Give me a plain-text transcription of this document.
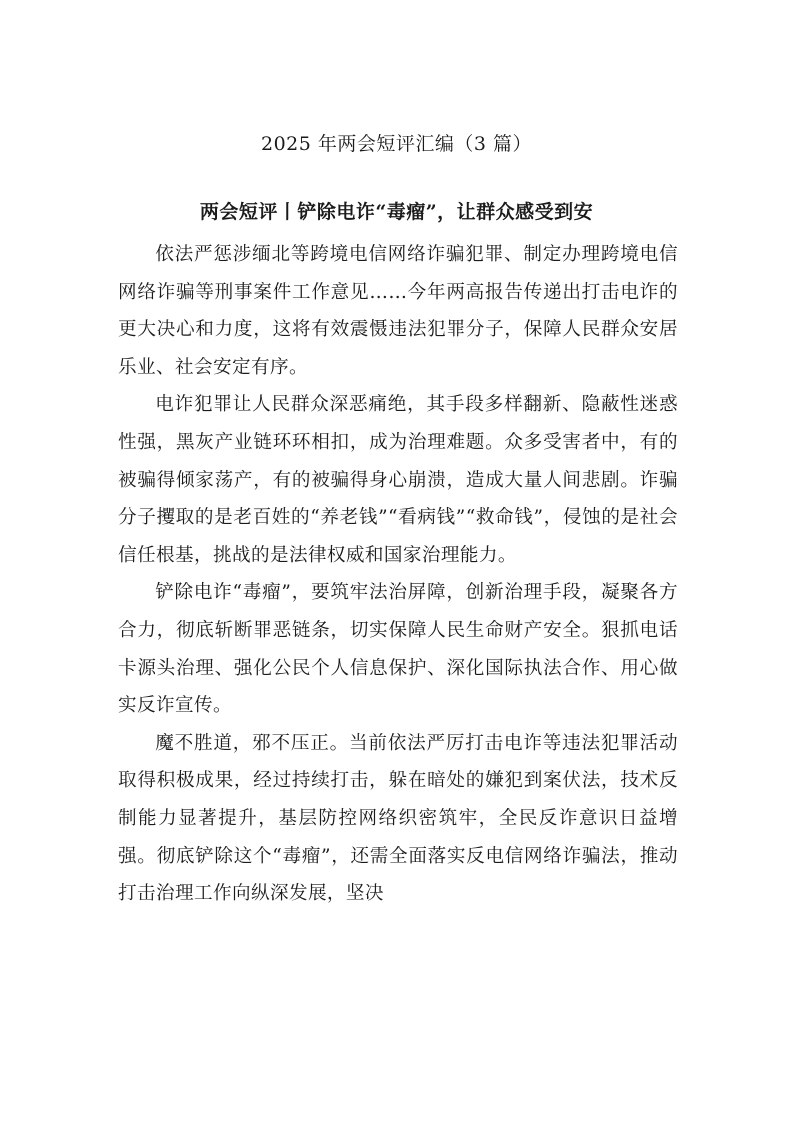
2025 年两会短评汇编（3 篇）
两会短评丨铲除电诈“毒瘤”，让群众感受到安

依法严惩涉缅北等跨境电信网络诈骗犯罪、制定办理跨境电信网络诈骗等刑事案件工作意见……今年两高报告传递出打击电诈的更大决心和力度，这将有效震慑违法犯罪分子，保障人民群众安居乐业、社会安定有序。

电诈犯罪让人民群众深恶痛绝，其手段多样翻新、隐蔽性迷惑性强，黑灰产业链环环相扣，成为治理难题。众多受害者中，有的被骗得倾家荡产，有的被骗得身心崩溃，造成大量人间悲剧。诈骗分子攫取的是老百姓的“养老钱”“看病钱”“救命钱”，侵蚀的是社会信任根基，挑战的是法律权威和国家治理能力。

铲除电诈“毒瘤”，要筑牢法治屏障，创新治理手段，凝聚各方合力，彻底斩断罪恶链条，切实保障人民生命财产安全。狠抓电话卡源头治理、强化公民个人信息保护、深化国际执法合作、用心做实反诈宣传。

魔不胜道，邪不压正。当前依法严厉打击电诈等违法犯罪活动取得积极成果，经过持续打击，躲在暗处的嫌犯到案伏法，技术反制能力显著提升，基层防控网络织密筑牢，全民反诈意识日益增强。彻底铲除这个“毒瘤”，还需全面落实反电信网络诈骗法，推动打击治理工作向纵深发展，坚决
